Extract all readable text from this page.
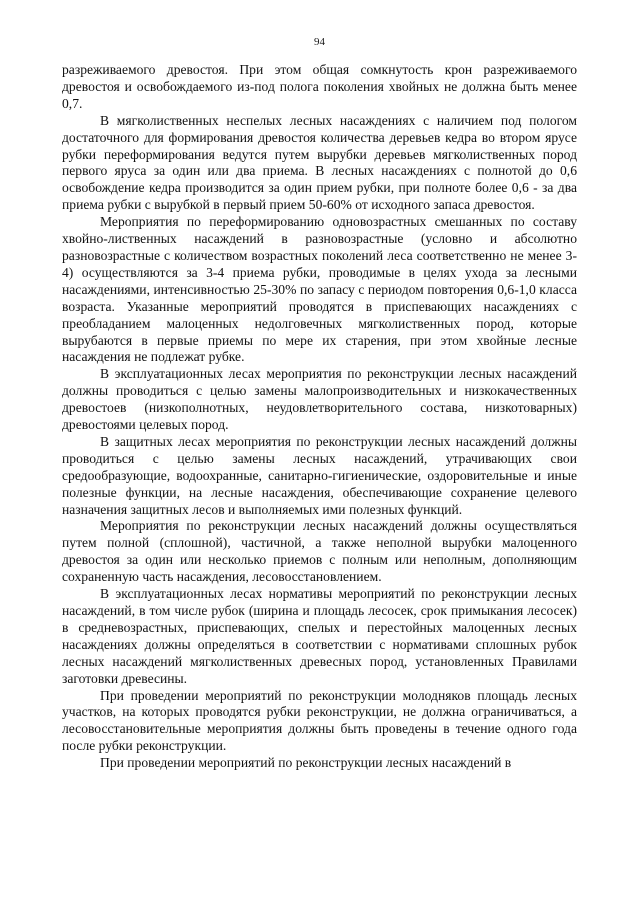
94

разреживаемого древостоя. При этом общая сомкнутость крон разреживаемого древостоя и освобождаемого из-под полога поколения хвойных не должна быть менее 0,7.

В мягколиственных неспелых лесных насаждениях с наличием под пологом достаточного для формирования древостоя количества деревьев кедра во втором ярусе рубки переформирования ведутся путем вырубки деревьев мягколиственных пород первого яруса за один или два приема. В лесных насаждениях с полнотой до 0,6 освобождение кедра производится за один прием рубки, при полноте более 0,6 - за два приема рубки с вырубкой в первый прием 50-60% от исходного запаса древостоя.

Мероприятия по переформированию одновозрастных смешанных по составу хвойно-лиственных насаждений в разновозрастные (условно и абсолютно разновозрастные с количеством возрастных поколений леса соответственно не менее 3-4) осуществляются за 3-4 приема рубки, проводимые в целях ухода за лесными насаждениями, интенсивностью 25-30% по запасу с периодом повторения 0,6-1,0 класса возраста. Указанные мероприятий проводятся в приспевающих насаждениях с преобладанием малоценных недолговечных мягколиственных пород, которые вырубаются в первые приемы по мере их старения, при этом хвойные лесные насаждения не подлежат рубке.

В эксплуатационных лесах мероприятия по реконструкции лесных насаждений должны проводиться с целью замены малопроизводительных и низкокачественных древостоев (низкополнотных, неудовлетворительного состава, низкотоварных) древостоями целевых пород.

В защитных лесах мероприятия по реконструкции лесных насаждений должны проводиться с целью замены лесных насаждений, утрачивающих свои средообразующие, водоохранные, санитарно-гигиенические, оздоровительные и иные полезные функции, на лесные насаждения, обеспечивающие сохранение целевого назначения защитных лесов и выполняемых ими полезных функций.

Мероприятия по реконструкции лесных насаждений должны осуществляться путем полной (сплошной), частичной, а также неполной вырубки малоценного древостоя за один или несколько приемов с полным или неполным, дополняющим сохраненную часть насаждения, лесовосстановлением.

В эксплуатационных лесах нормативы мероприятий по реконструкции лесных насаждений, в том числе рубок (ширина и площадь лесосек, срок примыкания лесосек) в средневозрастных, приспевающих, спелых и перестойных малоценных лесных насаждениях должны определяться в соответствии с нормативами сплошных рубок лесных насаждений мягколиственных древесных пород, установленных Правилами заготовки древесины.

При проведении мероприятий по реконструкции молодняков площадь лесных участков, на которых проводятся рубки реконструкции, не должна ограничиваться, а лесовосстановительные мероприятия должны быть проведены в течение одного года после рубки реконструкции.

При проведении мероприятий по реконструкции лесных насаждений в
